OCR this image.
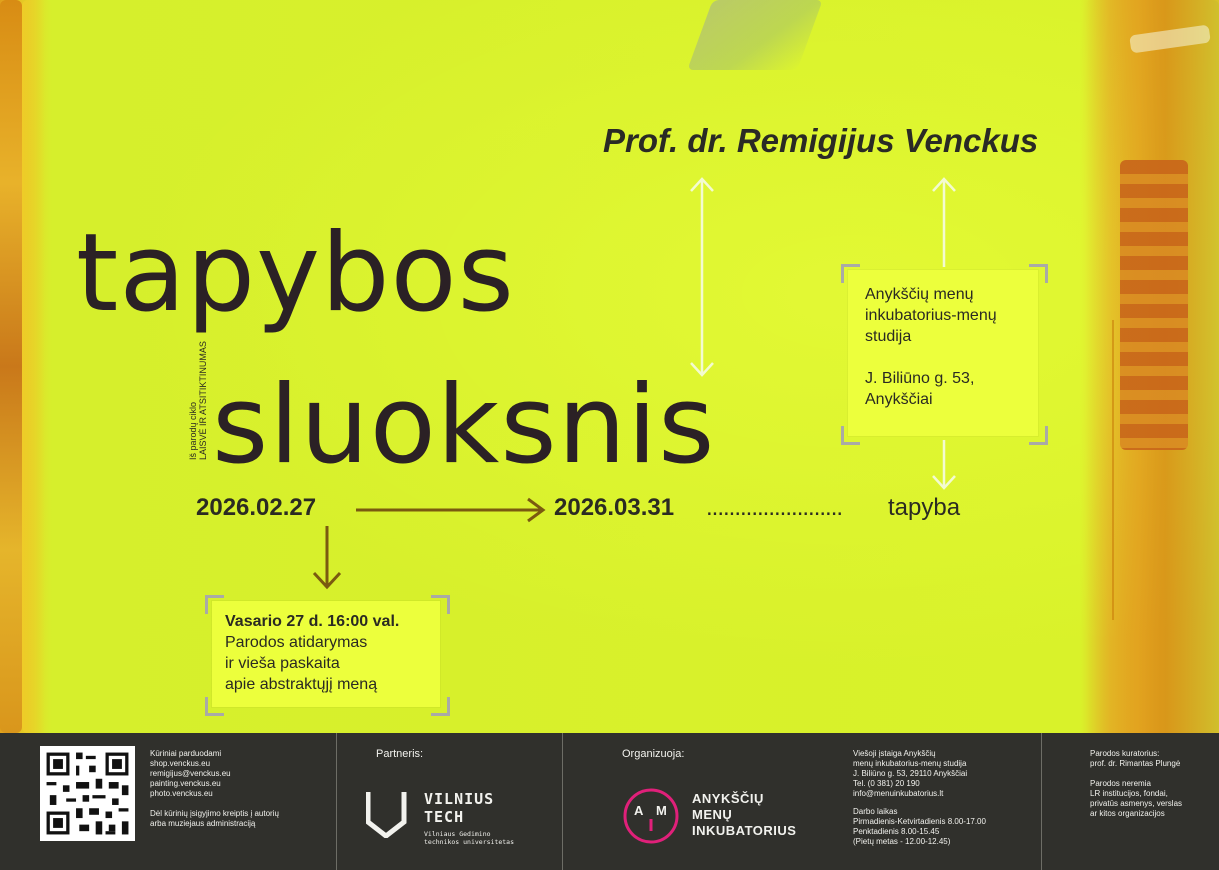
Prof. dr. Remigijus Venckus
tapybos
sluoksnis
Iš parodų ciklo LAISVĖ IR ATSITIKTINUMAS
Anykščių menų
inkubatorius-menų
studija
J. Biliūno g. 53,
Anykščiai
2026.02.27	2026.03.31 ........................ tapyba
Vasario 27 d. 16:00 val.
Parodos atidarymas
ir vieša paskaita
apie abstraktųjį meną
Kūriniai parduodami
shop.venckus.eu
remigijus@venckus.eu
painting.venckus.eu
photo.venckus.eu
Dėl kūrinių įsigyjimo kreiptis į autorių
arba muziejaus administraciją
Partneris:
VILNIUS
TECH
Vilniaus Gedimino
technikos universitetas
Organizuoja:
A M
ANYKŠČIŲ
MENŲ
INKUBATORIUS
Viešoji įstaiga Anykščių
menų inkubatorius-menų studija
J. Biliūno g. 53, 29110 Anykščiai
Tel. (0 381) 20 190
info@menuinkubatorius.lt
Darbo laikas
Pirmadienis-Ketvirtadienis 8.00-17.00
Penktadienis 8.00-15.45
(Pietų metas - 12.00-12.45)
Parodos kuratorius:
prof. dr. Rimantas Plungė
Parodos neremia
LR institucijos, fondai,
privatūs asmenys, verslas
ar kitos organizacijos
